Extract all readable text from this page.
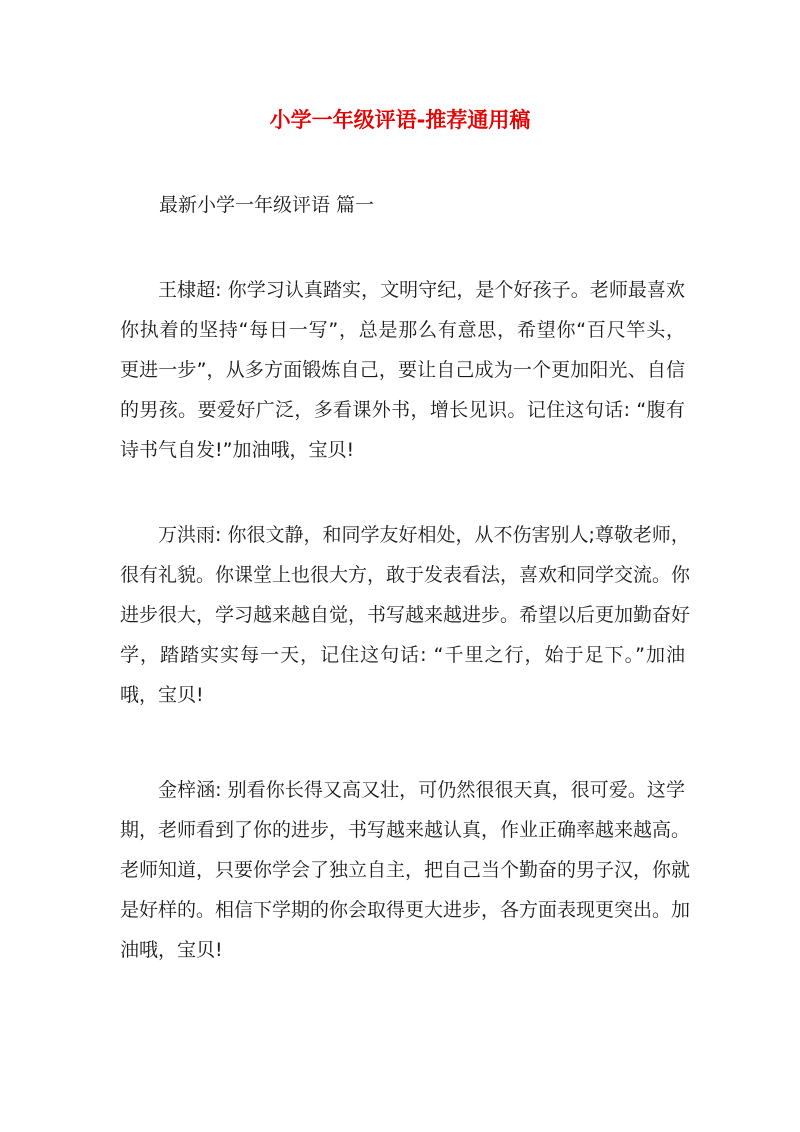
小学一年级评语-推荐通用稿

最新小学一年级评语 篇一

王棣超: 你学习认真踏实，文明守纪，是个好孩子。老师最喜欢
你执着的坚持“每日一写”，总是那么有意思，希望你“百尺竿头，
更进一步”，从多方面锻炼自己，要让自己成为一个更加阳光、自信
的男孩。要爱好广泛，多看课外书，增长见识。记住这句话: “腹有
诗书气自发!”加油哦，宝贝!
万洪雨: 你很文静，和同学友好相处，从不伤害别人;尊敬老师，
很有礼貌。你课堂上也很大方，敢于发表看法，喜欢和同学交流。你
进步很大，学习越来越自觉，书写越来越进步。希望以后更加勤奋好
学，踏踏实实每一天，记住这句话: “千里之行，始于足下。”加油
哦，宝贝!
金梓涵: 别看你长得又高又壮，可仍然很很天真，很可爱。这学
期，老师看到了你的进步，书写越来越认真，作业正确率越来越高。
老师知道，只要你学会了独立自主，把自己当个勤奋的男子汉，你就
是好样的。相信下学期的你会取得更大进步，各方面表现更突出。加
油哦，宝贝!
